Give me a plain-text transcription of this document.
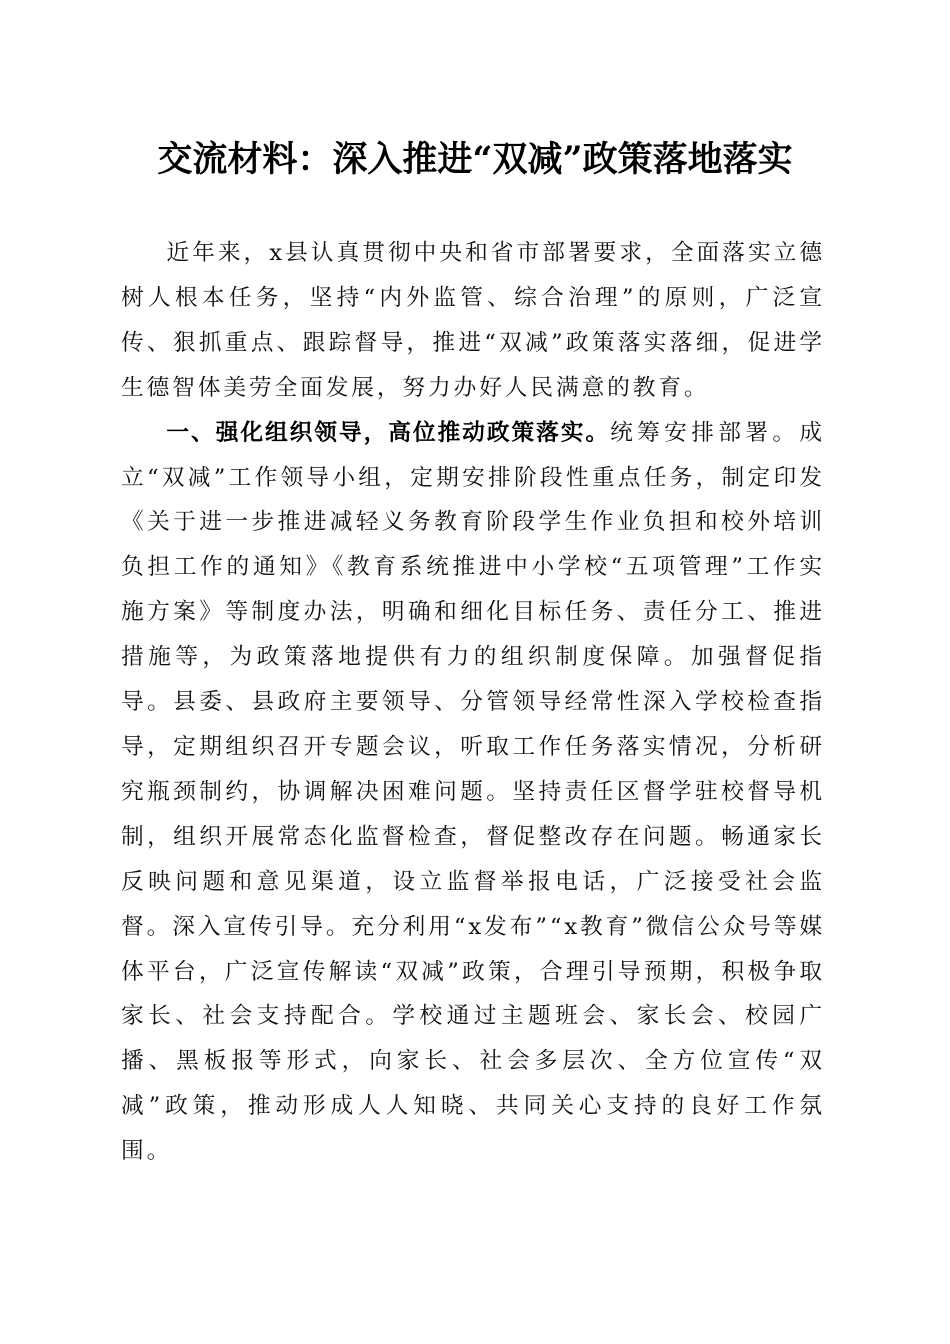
交流材料：深入推进“双减”政策落地落实

近年来，x县认真贯彻中央和省市部署要求，全面落实立德树人根本任务，坚持“内外监管、综合治理”的原则，广泛宣传、狠抓重点、跟踪督导，推进“双减”政策落实落细，促进学生德智体美劳全面发展，努力办好人民满意的教育。

一、强化组织领导，高位推动政策落实。统筹安排部署。成立“双减”工作领导小组，定期安排阶段性重点任务，制定印发《关于进一步推进减轻义务教育阶段学生作业负担和校外培训负担工作的通知》《教育系统推进中小学校“五项管理”工作实施方案》等制度办法，明确和细化目标任务、责任分工、推进措施等，为政策落地提供有力的组织制度保障。加强督促指导。县委、县政府主要领导、分管领导经常性深入学校检查指导，定期组织召开专题会议，听取工作任务落实情况，分析研究瓶颈制约，协调解决困难问题。坚持责任区督学驻校督导机制，组织开展常态化监督检查，督促整改存在问题。畅通家长反映问题和意见渠道，设立监督举报电话，广泛接受社会监督。深入宣传引导。充分利用“x发布”“x教育”微信公众号等媒体平台，广泛宣传解读“双减”政策，合理引导预期，积极争取家长、社会支持配合。学校通过主题班会、家长会、校园广播、黑板报等形式，向家长、社会多层次、全方位宣传“双减”政策，推动形成人人知晓、共同关心支持的良好工作氛围。
